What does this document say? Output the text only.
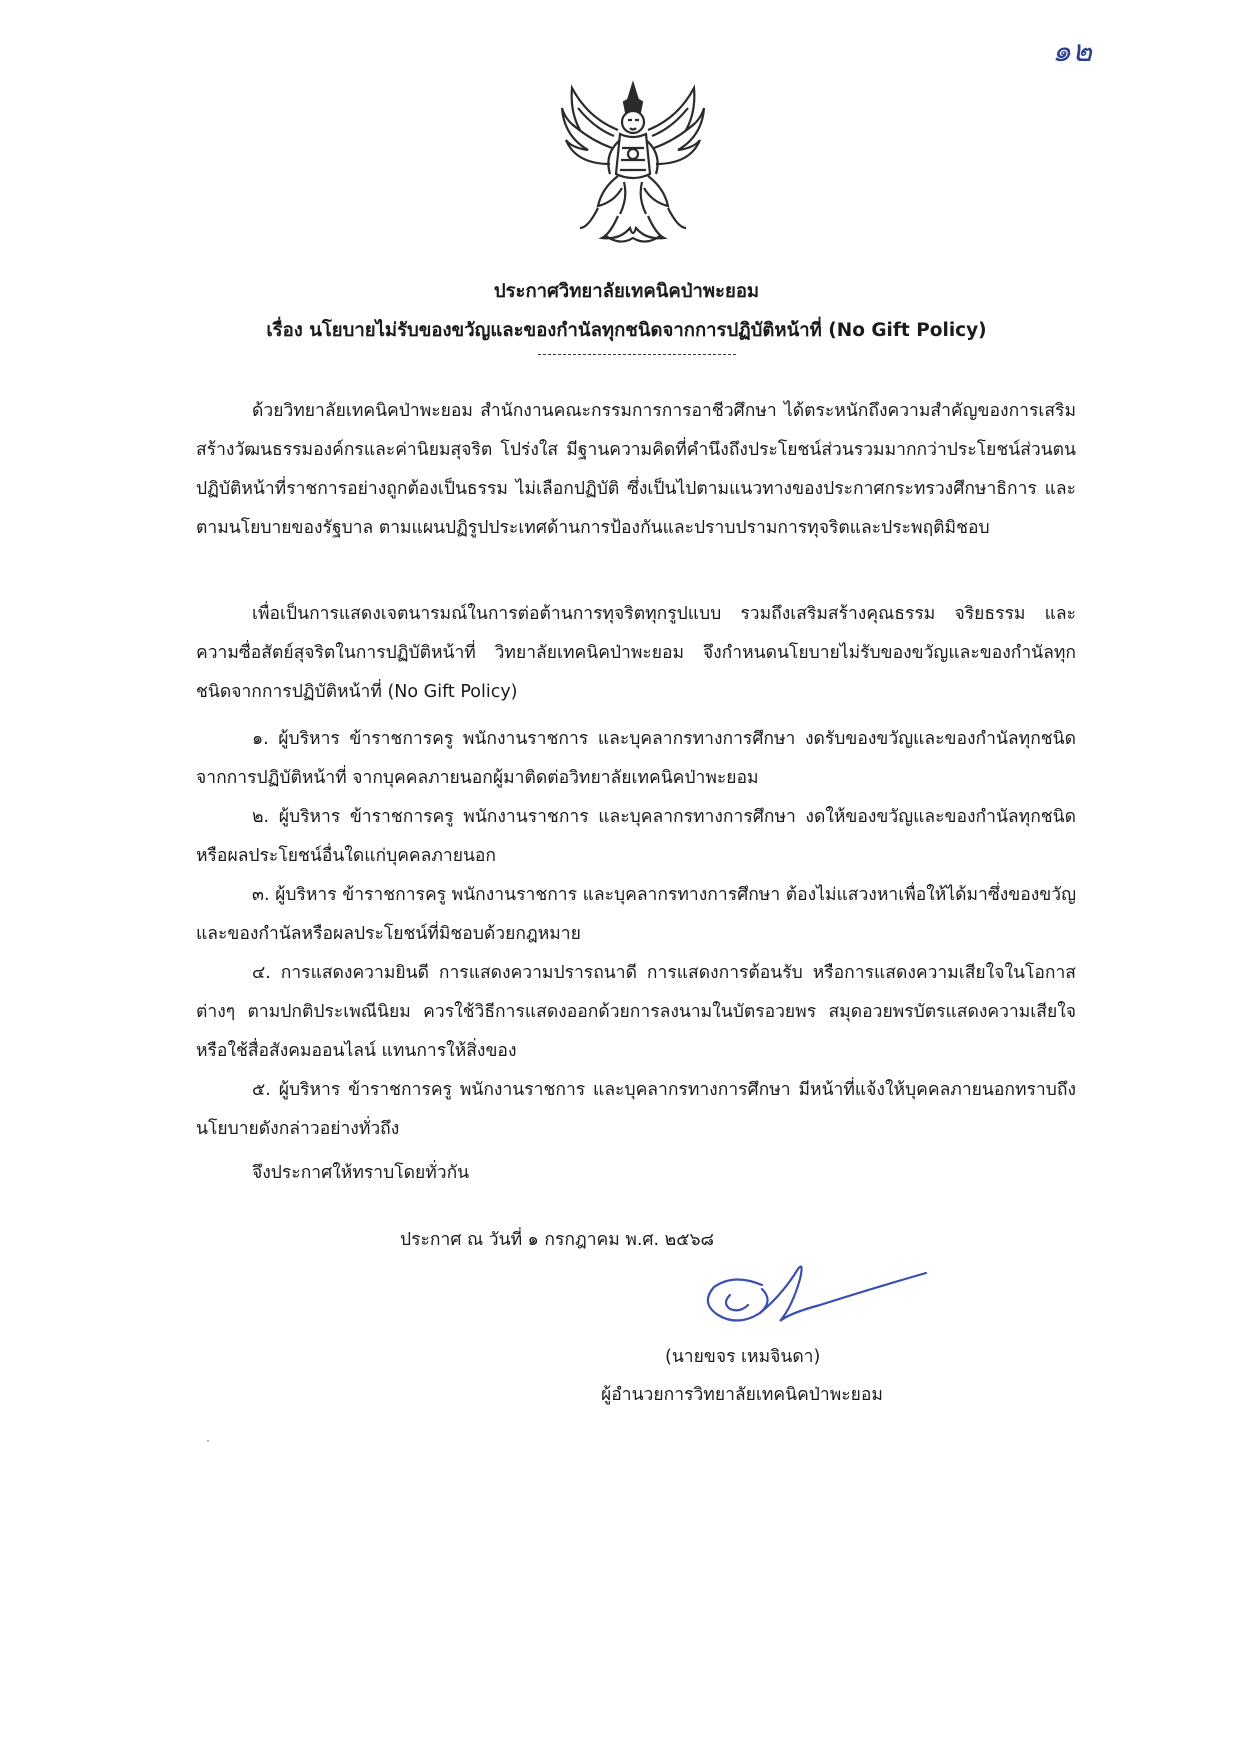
๑๒
ประกาศวิทยาลัยเทคนิคป่าพะยอม
เรื่อง นโยบายไม่รับของขวัญและของกำนัลทุกชนิดจากการปฏิบัติหน้าที่ (No Gift Policy)

ด้วยวิทยาลัยเทคนิคป่าพะยอม สำนักงานคณะกรรมการการอาชีวศึกษา ได้ตระหนักถึงความสำคัญของการเสริมสร้างวัฒนธรรมองค์กรและค่านิยมสุจริต โปร่งใส มีฐานความคิดที่คำนึงถึงประโยชน์ส่วนรวมมากกว่าประโยชน์ส่วนตน ปฏิบัติหน้าที่ราชการอย่างถูกต้องเป็นธรรม ไม่เลือกปฏิบัติ ซึ่งเป็นไปตามแนวทางของประกาศกระทรวงศึกษาธิการ และตามนโยบายของรัฐบาล ตามแผนปฏิรูปประเทศด้านการป้องกันและปราบปรามการทุจริตและประพฤติมิชอบ

เพื่อเป็นการแสดงเจตนารมณ์ในการต่อต้านการทุจริตทุกรูปแบบ รวมถึงเสริมสร้างคุณธรรม จริยธรรม และความซื่อสัตย์สุจริตในการปฏิบัติหน้าที่ วิทยาลัยเทคนิคป่าพะยอม จึงกำหนดนโยบายไม่รับของขวัญและของกำนัลทุกชนิดจากการปฏิบัติหน้าที่ (No Gift Policy)

๑. ผู้บริหาร ข้าราชการครู พนักงานราชการ และบุคลากรทางการศึกษา งดรับของขวัญและของกำนัลทุกชนิดจากการปฏิบัติหน้าที่ จากบุคคลภายนอกผู้มาติดต่อวิทยาลัยเทคนิคป่าพะยอม

๒. ผู้บริหาร ข้าราชการครู พนักงานราชการ และบุคลากรทางการศึกษา งดให้ของขวัญและของกำนัลทุกชนิดหรือผลประโยชน์อื่นใดแก่บุคคลภายนอก

๓. ผู้บริหาร ข้าราชการครู พนักงานราชการ และบุคลากรทางการศึกษา ต้องไม่แสวงหาเพื่อให้ได้มาซึ่งของขวัญและของกำนัลหรือผลประโยชน์ที่มิชอบด้วยกฎหมาย

๔. การแสดงความยินดี การแสดงความปรารถนาดี การแสดงการต้อนรับ หรือการแสดงความเสียใจในโอกาสต่างๆ ตามปกติประเพณีนิยม ควรใช้วิธีการแสดงออกด้วยการลงนามในบัตรอวยพร สมุดอวยพรบัตรแสดงความเสียใจ หรือใช้สื่อสังคมออนไลน์ แทนการให้สิ่งของ

๕. ผู้บริหาร ข้าราชการครู พนักงานราชการ และบุคลากรทางการศึกษา มีหน้าที่แจ้งให้บุคคลภายนอกทราบถึงนโยบายดังกล่าวอย่างทั่วถึง

จึงประกาศให้ทราบโดยทั่วกัน
ประกาศ ณ วันที่ ๑ กรกฎาคม พ.ศ. ๒๕๖๘
(นายขจร เหมจินดา)
ผู้อำนวยการวิทยาลัยเทคนิคป่าพะยอม
